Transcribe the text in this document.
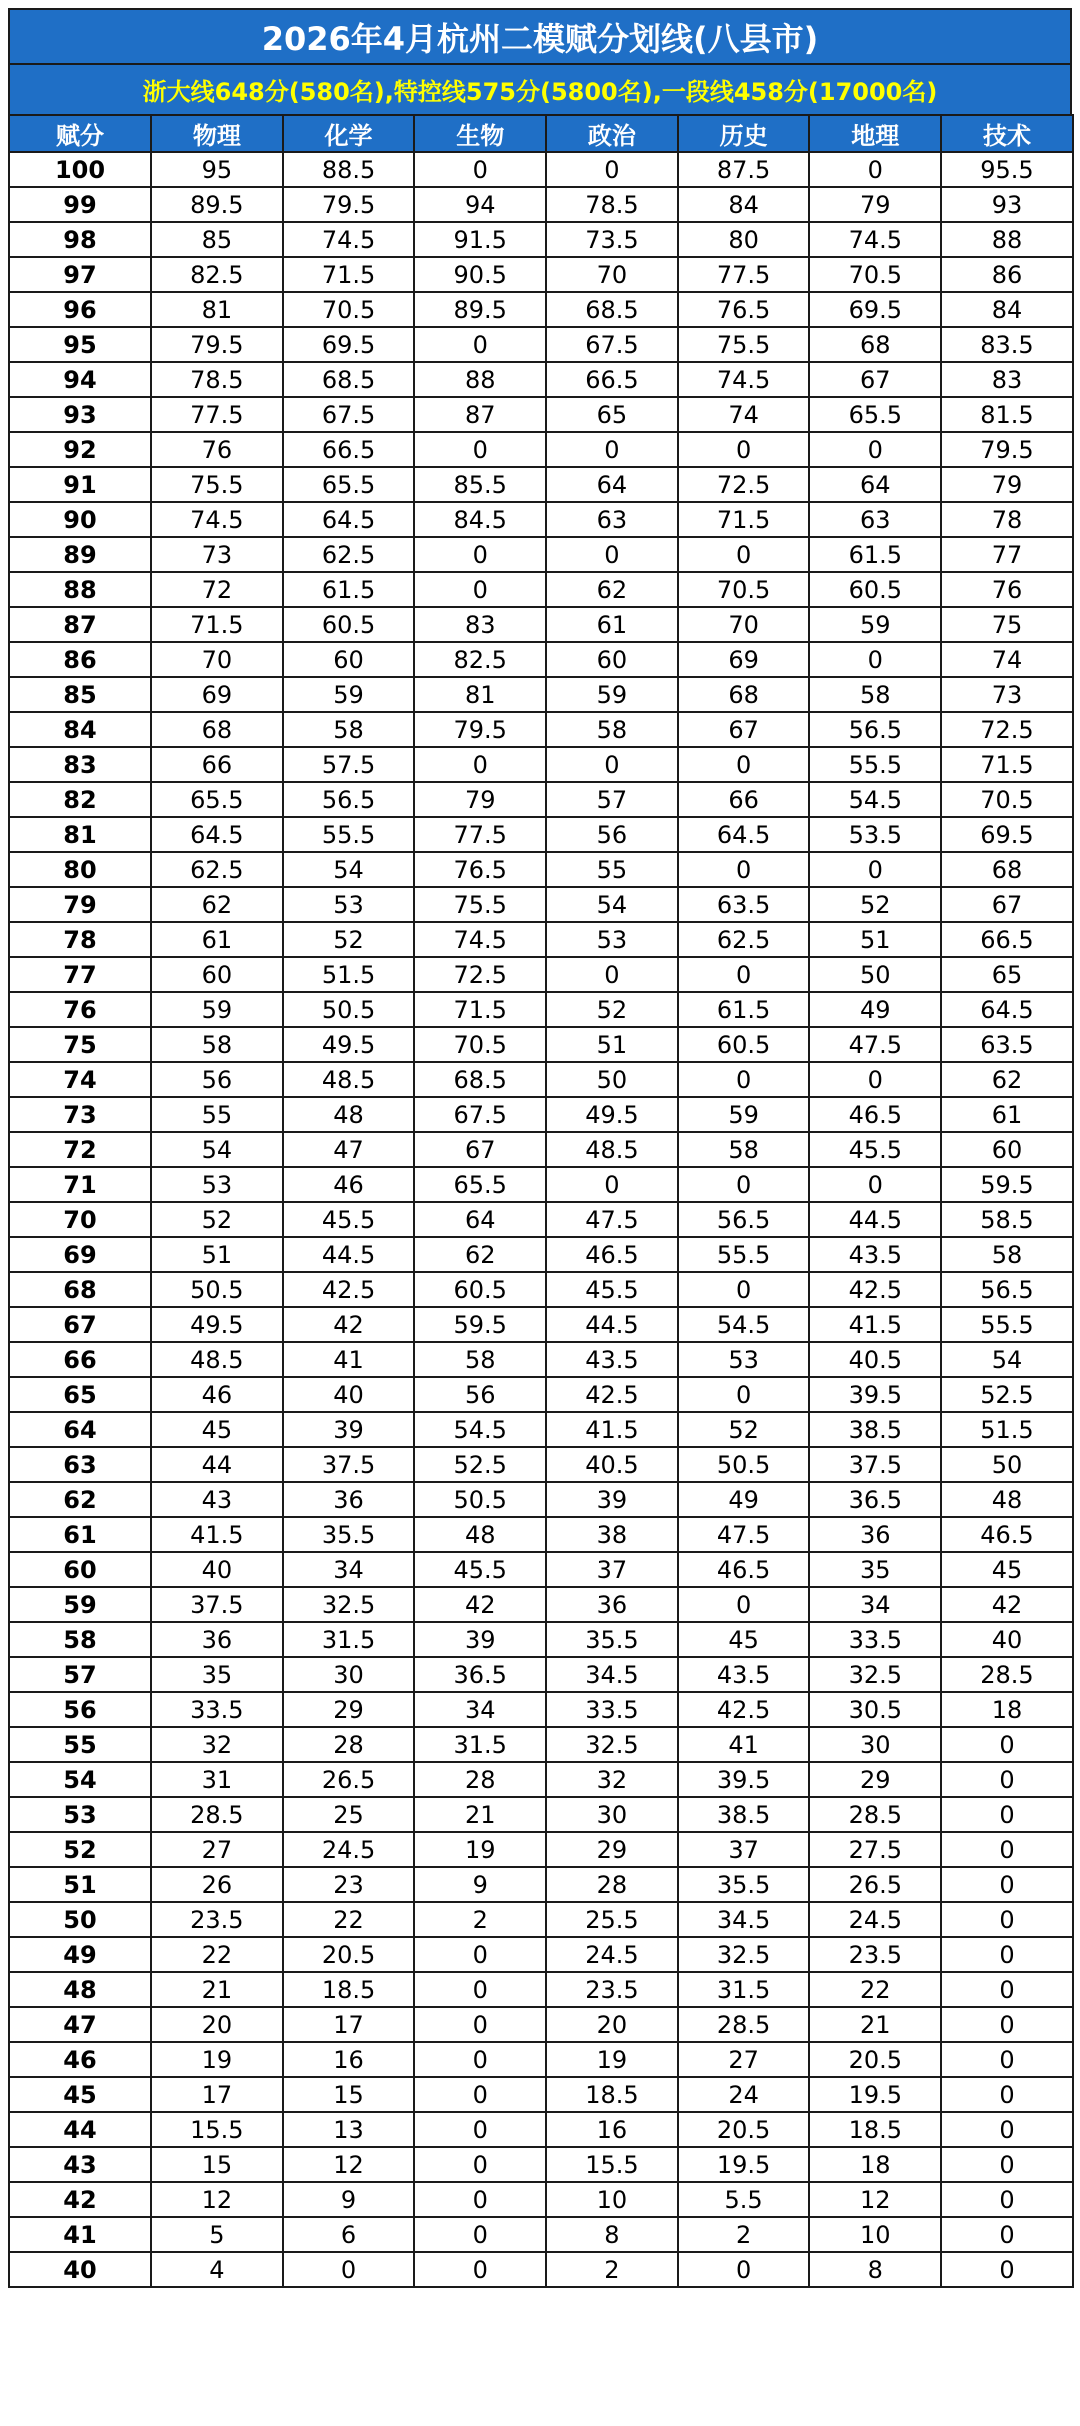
2026年4月杭州二模赋分划线(八县市)
浙大线648分(580名),特控线575分(5800名),一段线458分(17000名)
赋分	物理	化学	生物	政治	历史	地理	技术
100	95	88.5	0	0	87.5	0	95.5
99	89.5	79.5	94	78.5	84	79	93
98	85	74.5	91.5	73.5	80	74.5	88
97	82.5	71.5	90.5	70	77.5	70.5	86
96	81	70.5	89.5	68.5	76.5	69.5	84
95	79.5	69.5	0	67.5	75.5	68	83.5
94	78.5	68.5	88	66.5	74.5	67	83
93	77.5	67.5	87	65	74	65.5	81.5
92	76	66.5	0	0	0	0	79.5
91	75.5	65.5	85.5	64	72.5	64	79
90	74.5	64.5	84.5	63	71.5	63	78
89	73	62.5	0	0	0	61.5	77
88	72	61.5	0	62	70.5	60.5	76
87	71.5	60.5	83	61	70	59	75
86	70	60	82.5	60	69	0	74
85	69	59	81	59	68	58	73
84	68	58	79.5	58	67	56.5	72.5
83	66	57.5	0	0	0	55.5	71.5
82	65.5	56.5	79	57	66	54.5	70.5
81	64.5	55.5	77.5	56	64.5	53.5	69.5
80	62.5	54	76.5	55	0	0	68
79	62	53	75.5	54	63.5	52	67
78	61	52	74.5	53	62.5	51	66.5
77	60	51.5	72.5	0	0	50	65
76	59	50.5	71.5	52	61.5	49	64.5
75	58	49.5	70.5	51	60.5	47.5	63.5
74	56	48.5	68.5	50	0	0	62
73	55	48	67.5	49.5	59	46.5	61
72	54	47	67	48.5	58	45.5	60
71	53	46	65.5	0	0	0	59.5
70	52	45.5	64	47.5	56.5	44.5	58.5
69	51	44.5	62	46.5	55.5	43.5	58
68	50.5	42.5	60.5	45.5	0	42.5	56.5
67	49.5	42	59.5	44.5	54.5	41.5	55.5
66	48.5	41	58	43.5	53	40.5	54
65	46	40	56	42.5	0	39.5	52.5
64	45	39	54.5	41.5	52	38.5	51.5
63	44	37.5	52.5	40.5	50.5	37.5	50
62	43	36	50.5	39	49	36.5	48
61	41.5	35.5	48	38	47.5	36	46.5
60	40	34	45.5	37	46.5	35	45
59	37.5	32.5	42	36	0	34	42
58	36	31.5	39	35.5	45	33.5	40
57	35	30	36.5	34.5	43.5	32.5	28.5
56	33.5	29	34	33.5	42.5	30.5	18
55	32	28	31.5	32.5	41	30	0
54	31	26.5	28	32	39.5	29	0
53	28.5	25	21	30	38.5	28.5	0
52	27	24.5	19	29	37	27.5	0
51	26	23	9	28	35.5	26.5	0
50	23.5	22	2	25.5	34.5	24.5	0
49	22	20.5	0	24.5	32.5	23.5	0
48	21	18.5	0	23.5	31.5	22	0
47	20	17	0	20	28.5	21	0
46	19	16	0	19	27	20.5	0
45	17	15	0	18.5	24	19.5	0
44	15.5	13	0	16	20.5	18.5	0
43	15	12	0	15.5	19.5	18	0
42	12	9	0	10	5.5	12	0
41	5	6	0	8	2	10	0
40	4	0	0	2	0	8	0
